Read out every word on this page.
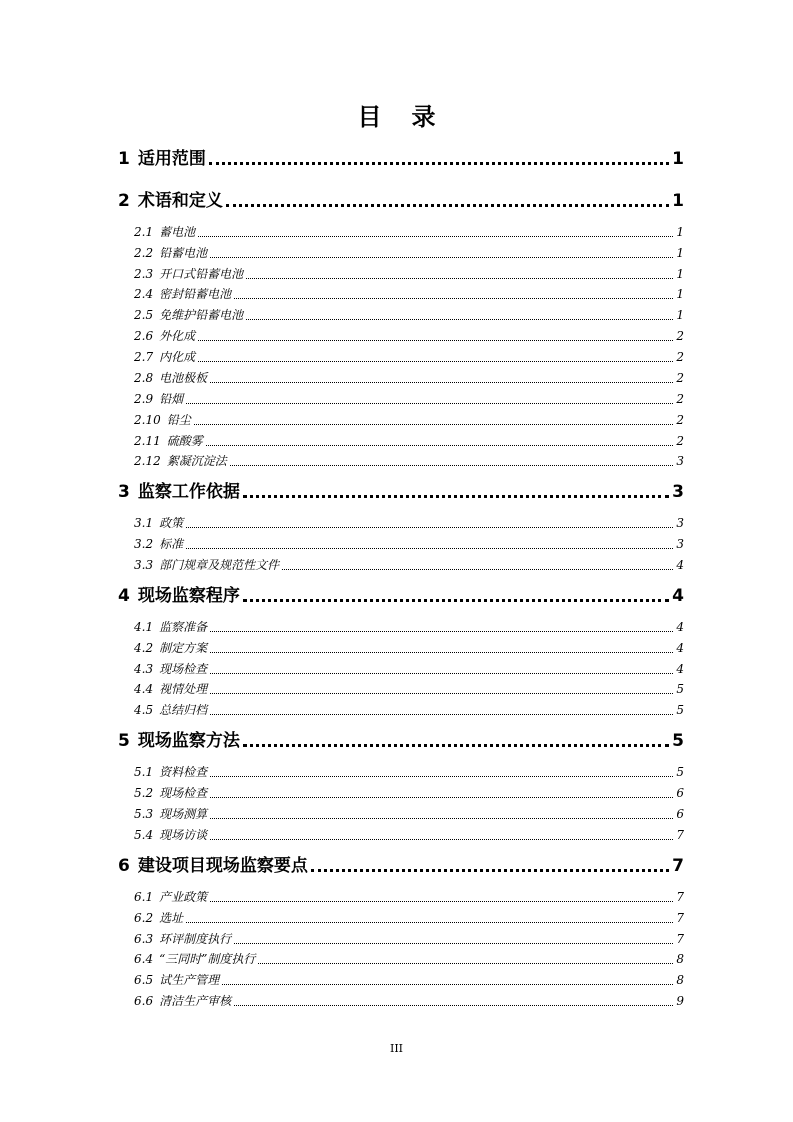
目录
1 适用范围	1
2 术语和定义	1
2.1 蓄电池	1
2.2 铅蓄电池	1
2.3 开口式铅蓄电池	1
2.4 密封铅蓄电池	1
2.5 免维护铅蓄电池	1
2.6 外化成	2
2.7 内化成	2
2.8 电池极板	2
2.9 铅烟	2
2.10 铅尘	2
2.11 硫酸雾	2
2.12 絮凝沉淀法	3
3 监察工作依据	3
3.1 政策	3
3.2 标准	3
3.3 部门规章及规范性文件	4
4 现场监察程序	4
4.1 监察准备	4
4.2 制定方案	4
4.3 现场检查	4
4.4 视情处理	5
4.5 总结归档	5
5 现场监察方法	5
5.1 资料检查	5
5.2 现场检查	6
5.3 现场测算	6
5.4 现场访谈	7
6 建设项目现场监察要点	7
6.1 产业政策	7
6.2 选址	7
6.3 环评制度执行	7
6.4 “三同时”制度执行	8
6.5 试生产管理	8
6.6 清洁生产审核	9
III
